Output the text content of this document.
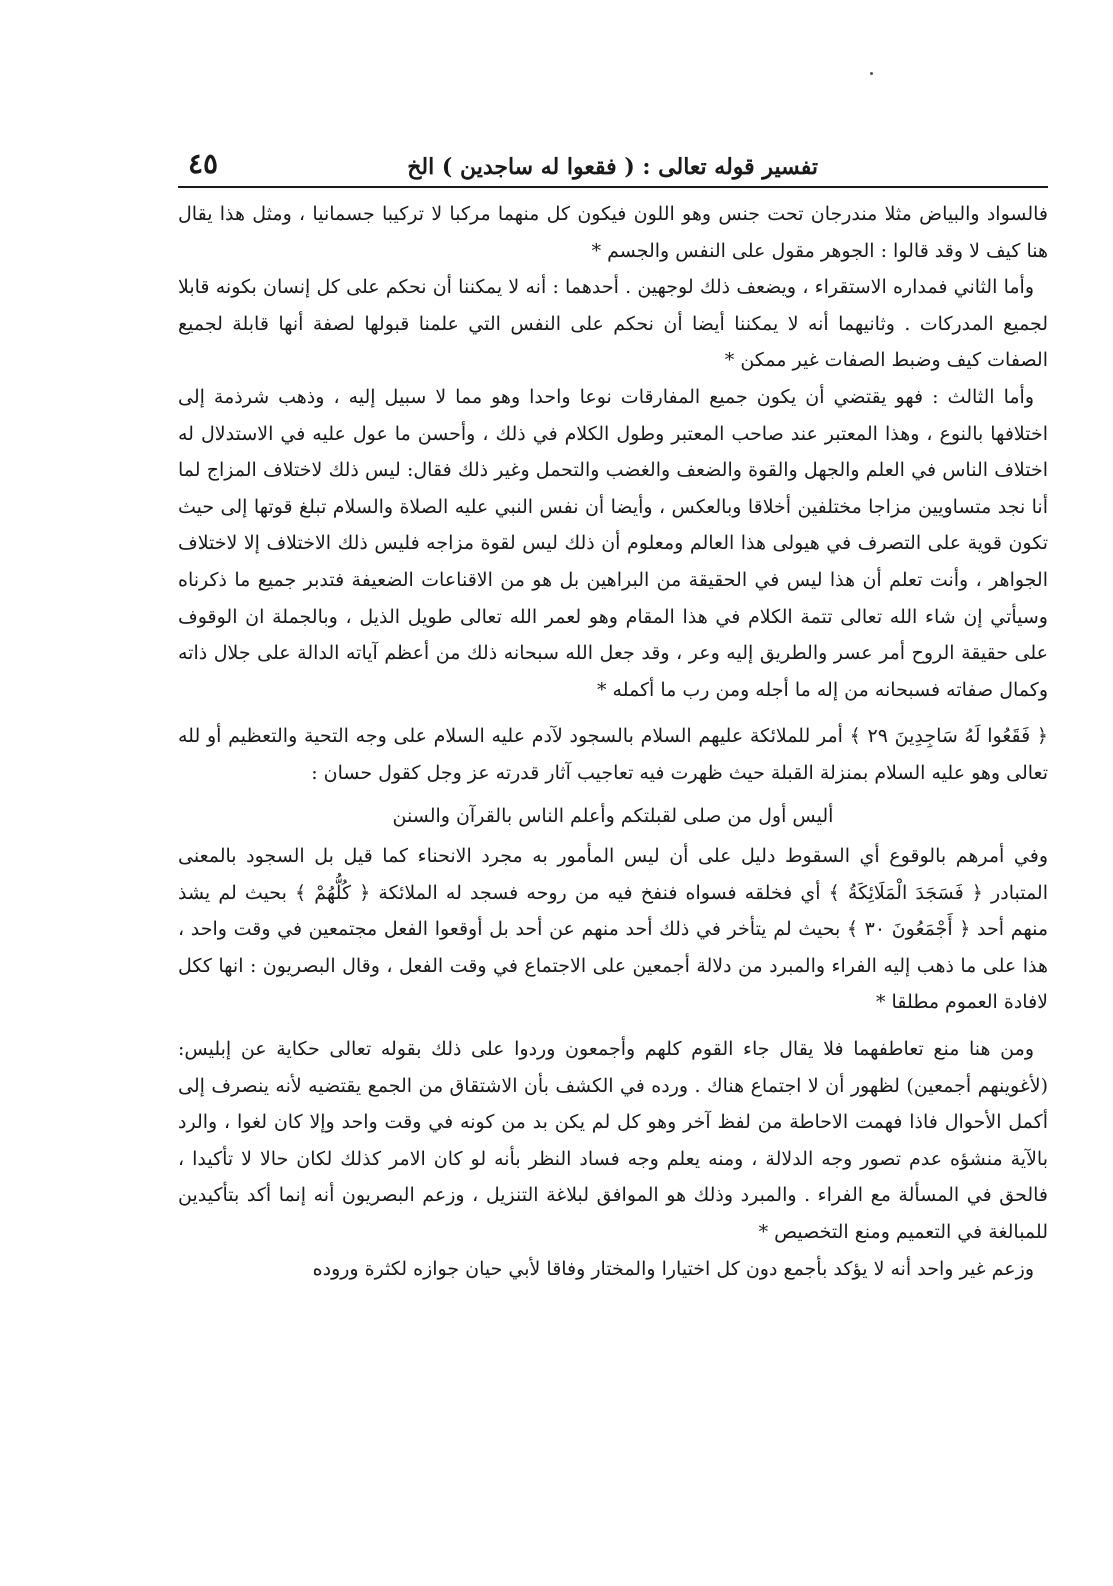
تفسير قوله تعالى : ( فقعوا له ساجدين ) الخ
٤٥

فالسواد والبياض مثلا مندرجان تحت جنس وهو اللون فيكون كل منهما مركبا لا تركيبا جسمانيا ، ومثل هذا يقال هنا كيف لا وقد قالوا : الجوهر مقول على النفس والجسم *

وأما الثاني فمداره الاستقراء ، ويضعف ذلك لوجهين . أحدهما : أنه لا يمكننا أن نحكم على كل إنسان بكونه قابلا لجميع المدركات . وثانيهما أنه لا يمكننا أيضا أن نحكم على النفس التي علمنا قبولها لصفة أنها قابلة لجميع الصفات كيف وضبط الصفات غير ممكن *

وأما الثالث : فهو يقتضي أن يكون جميع المفارقات نوعا واحدا وهو مما لا سبيل إليه ، وذهب شرذمة إلى اختلافها بالنوع ، وهذا المعتبر عند صاحب المعتبر وطول الكلام في ذلك ، وأحسن ما عول عليه في الاستدلال له اختلاف الناس في العلم والجهل والقوة والضعف والغضب والتحمل وغير ذلك فقال: ليس ذلك لاختلاف المزاج لما أنا نجد متساويين مزاجا مختلفين أخلاقا وبالعكس ، وأيضا أن نفس النبي عليه الصلاة والسلام تبلغ قوتها إلى حيث تكون قوية على التصرف في هيولى هذا العالم ومعلوم أن ذلك ليس لقوة مزاجه فليس ذلك الاختلاف إلا لاختلاف الجواهر ، وأنت تعلم أن هذا ليس في الحقيقة من البراهين بل هو من الاقناعات الضعيفة فتدبر جميع ما ذكرناه وسيأتي إن شاء الله تعالى تتمة الكلام في هذا المقام وهو لعمر الله تعالى طويل الذيل ، وبالجملة ان الوقوف على حقيقة الروح أمر عسر والطريق إليه وعر ، وقد جعل الله سبحانه ذلك من أعظم آياته الدالة على جلال ذاته وكمال صفاته فسبحانه من إله ما أجله ومن رب ما أكمله *

﴿ فَقَعُوا لَهُ سَاجِدِينَ ٢٩ ﴾ أمر للملائكة عليهم السلام بالسجود لآدم عليه السلام على وجه التحية والتعظيم أو لله تعالى وهو عليه السلام بمنزلة القبلة حيث ظهرت فيه تعاجيب آثار قدرته عز وجل كقول حسان :

أليس أول من صلى لقبلتكم وأعلم الناس بالقرآن والسنن

وفي أمرهم بالوقوع أي السقوط دليل على أن ليس المأمور به مجرد الانحناء كما قيل بل السجود بالمعنى المتبادر ﴿ فَسَجَدَ الْمَلَائِكَةُ ﴾ أي فخلقه فسواه فنفخ فيه من روحه فسجد له الملائكة ﴿ كُلُّهُمْ ﴾ بحيث لم يشذ منهم أحد ﴿ أَجْمَعُونَ ٣٠ ﴾ بحيث لم يتأخر في ذلك أحد منهم عن أحد بل أوقعوا الفعل مجتمعين في وقت واحد ، هذا على ما ذهب إليه الفراء والمبرد من دلالة أجمعين على الاجتماع في وقت الفعل ، وقال البصريون : انها ككل لافادة العموم مطلقا *

ومن هنا منع تعاطفهما فلا يقال جاء القوم كلهم وأجمعون وردوا على ذلك بقوله تعالى حكاية عن إبليس: (لأغوينهم أجمعين) لظهور أن لا اجتماع هناك . ورده في الكشف بأن الاشتقاق من الجمع يقتضيه لأنه ينصرف إلى أكمل الأحوال فاذا فهمت الاحاطة من لفظ آخر وهو كل لم يكن بد من كونه في وقت واحد وإلا كان لغوا ، والرد بالآية منشؤه عدم تصور وجه الدلالة ، ومنه يعلم وجه فساد النظر بأنه لو كان الامر كذلك لكان حالا لا تأكيدا ، فالحق في المسألة مع الفراء . والمبرد وذلك هو الموافق لبلاغة التنزيل ، وزعم البصريون أنه إنما أكد بتأكيدين للمبالغة في التعميم ومنع التخصيص *

وزعم غير واحد أنه لا يؤكد بأجمع دون كل اختيارا والمختار وفاقا لأبي حيان جوازه لكثرة وروده
